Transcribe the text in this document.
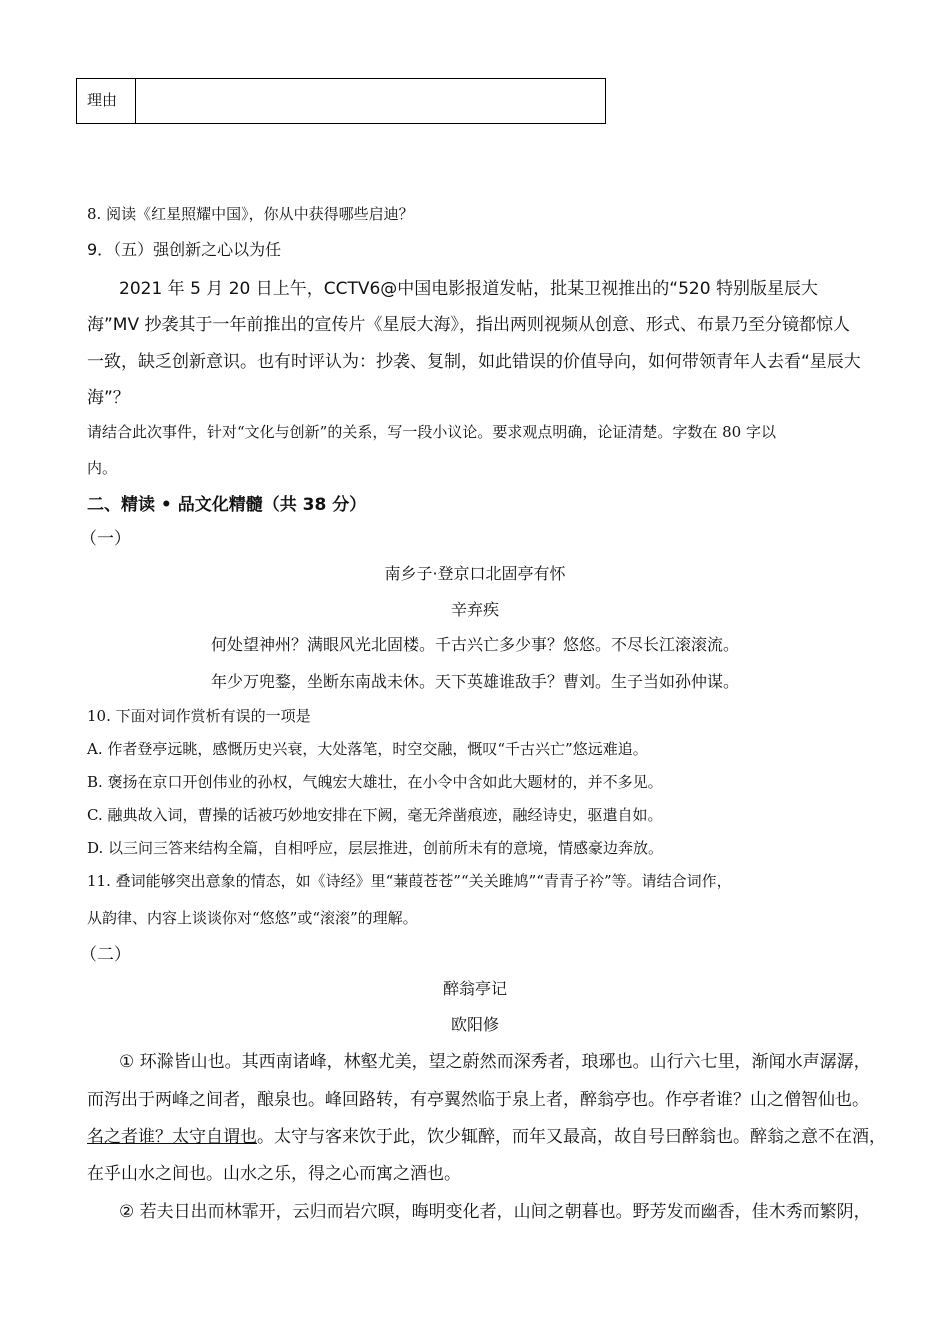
理由
8. 阅读《红星照耀中国》，你从中获得哪些启迪？
9．（五）强创新之心以为任
2021 年 5 月 20 日上午，CCTV6@中国电影报道发帖，批某卫视推出的“520 特别版星辰大
海”MV 抄袭其于一年前推出的宣传片《星辰大海》，指出两则视频从创意、形式、布景乃至分镜都惊人
一致，缺乏创新意识。也有时评认为：抄袭、复制，如此错误的价值导向，如何带领青年人去看“星辰大
海”？
请结合此次事件，针对“文化与创新”的关系，写一段小议论。要求观点明确，论证清楚。字数在 80 字以
内。
二、精读 • 品文化精髓（共 38 分）
（一）
南乡子·登京口北固亭有怀
辛弃疾
何处望神州？满眼风光北固楼。千古兴亡多少事？悠悠。不尽长江滚滚流。
年少万兜鍪，坐断东南战未休。天下英雄谁敌手？曹刘。生子当如孙仲谋。
10. 下面对词作赏析有误的一项是
A. 作者登亭远眺，感慨历史兴衰，大处落笔，时空交融，慨叹“千古兴亡”悠远难追。
B. 褒扬在京口开创伟业的孙权，气魄宏大雄壮，在小令中含如此大题材的，并不多见。
C. 融典故入词，曹操的话被巧妙地安排在下阙，毫无斧凿痕迹，融经诗史，驱遣自如。
D. 以三问三答来结构全篇，自相呼应，层层推进，创前所未有的意境，情感豪边奔放。
11. 叠词能够突出意象的情态，如《诗经》里“蒹葭苍苍”“关关雎鸠”“青青子衿”等。请结合词作，
从韵律、内容上谈谈你对“悠悠”或“滚滚”的理解。
（二）
醉翁亭记
欧阳修
① 环滁皆山也。其西南诸峰，林壑尤美，望之蔚然而深秀者，琅琊也。山行六七里，渐闻水声潺潺，
而泻出于两峰之间者，酿泉也。峰回路转，有亭翼然临于泉上者，醉翁亭也。作亭者谁？山之僧智仙也。
名之者谁？太守自谓也。太守与客来饮于此，饮少辄醉，而年又最高，故自号曰醉翁也。醉翁之意不在酒，
在乎山水之间也。山水之乐，得之心而寓之酒也。
② 若夫日出而林霏开，云归而岩穴暝，晦明变化者，山间之朝暮也。野芳发而幽香，佳木秀而繁阴，
